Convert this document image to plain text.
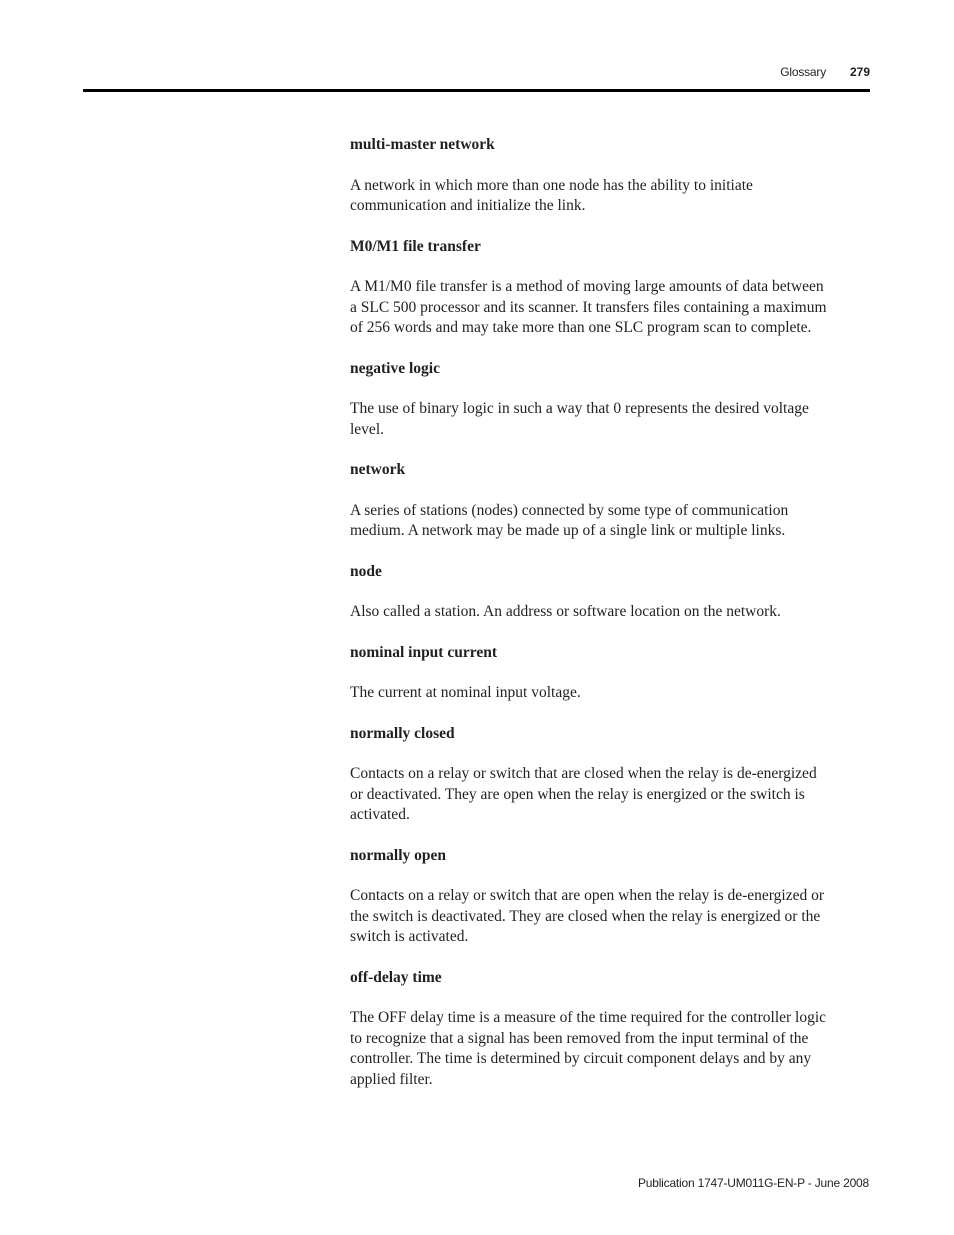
Glossary	279

multi-master network

A network in which more than one node has the ability to initiate communication and initialize the link.

M0/M1 file transfer

A M1/M0 file transfer is a method of moving large amounts of data between a SLC 500 processor and its scanner. It transfers files containing a maximum of 256 words and may take more than one SLC program scan to complete.

negative logic

The use of binary logic in such a way that 0 represents the desired voltage level.

network

A series of stations (nodes) connected by some type of communication medium. A network may be made up of a single link or multiple links.

node

Also called a station. An address or software location on the network.

nominal input current

The current at nominal input voltage.

normally closed

Contacts on a relay or switch that are closed when the relay is de-energized or deactivated. They are open when the relay is energized or the switch is activated.

normally open

Contacts on a relay or switch that are open when the relay is de-energized or the switch is deactivated. They are closed when the relay is energized or the switch is activated.

off-delay time

The OFF delay time is a measure of the time required for the controller logic to recognize that a signal has been removed from the input terminal of the controller. The time is determined by circuit component delays and by any applied filter.

Publication 1747-UM011G-EN-P - June 2008
